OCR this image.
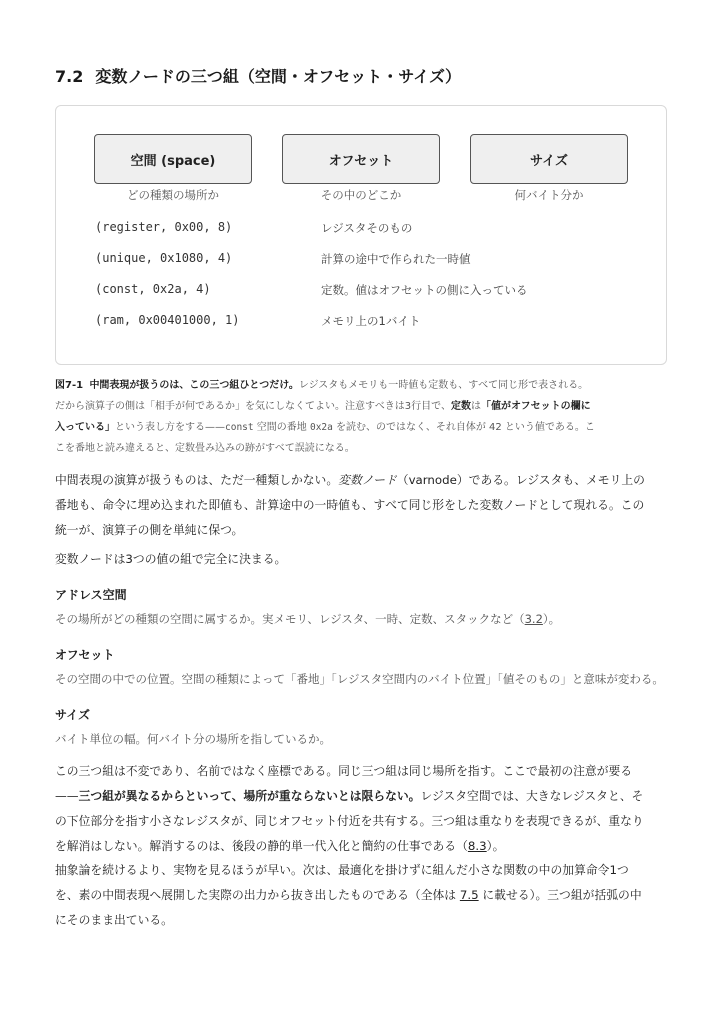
7.2 変数ノードの三つ組（空間・オフセット・サイズ）
空間 (space)	オフセット	サイズ
どの種類の場所か	その中のどこか	何バイト分か
(register, 0x00, 8)	レジスタそのもの
(unique, 0x1080, 4)	計算の途中で作られた一時値
(const, 0x2a, 4)	定数。値はオフセットの側に入っている
(ram, 0x00401000, 1)	メモリ上の1バイト
図7-1 中間表現が扱うのは、この三つ組ひとつだけ。レジスタもメモリも一時値も定数も、すべて同じ形で表される。だから演算子の側は「相手が何であるか」を気にしなくてよい。注意すべきは3行目で、定数は「値がオフセットの欄に入っている」という表し方をする——const 空間の番地 0x2a を読む、のではなく、それ自体が 42 という値である。ここを番地と読み違えると、定数畳み込みの跡がすべて誤読になる。

中間表現の演算が扱うものは、ただ一種類しかない。変数ノード（varnode）である。レジスタも、メモリ上の番地も、命令に埋め込まれた即値も、計算途中の一時値も、すべて同じ形をした変数ノードとして現れる。この統一が、演算子の側を単純に保つ。

変数ノードは3つの値の組で完全に決まる。

アドレス空間
その場所がどの種類の空間に属するか。実メモリ、レジスタ、一時、定数、スタックなど（3.2）。
オフセット
その空間の中での位置。空間の種類によって「番地」「レジスタ空間内のバイト位置」「値そのもの」と意味が変わる。
サイズ
バイト単位の幅。何バイト分の場所を指しているか。

この三つ組は不変であり、名前ではなく座標である。同じ三つ組は同じ場所を指す。ここで最初の注意が要る——三つ組が異なるからといって、場所が重ならないとは限らない。レジスタ空間では、大きなレジスタと、その下位部分を指す小さなレジスタが、同じオフセット付近を共有する。三つ組は重なりを表現できるが、重なりを解消はしない。解消するのは、後段の静的単一代入化と簡約の仕事である（8.3）。

抽象論を続けるより、実物を見るほうが早い。次は、最適化を掛けずに組んだ小さな関数の中の加算命令1つを、素の中間表現へ展開した実際の出力から抜き出したものである（全体は 7.5 に載せる）。三つ組が括弧の中にそのまま出ている。
